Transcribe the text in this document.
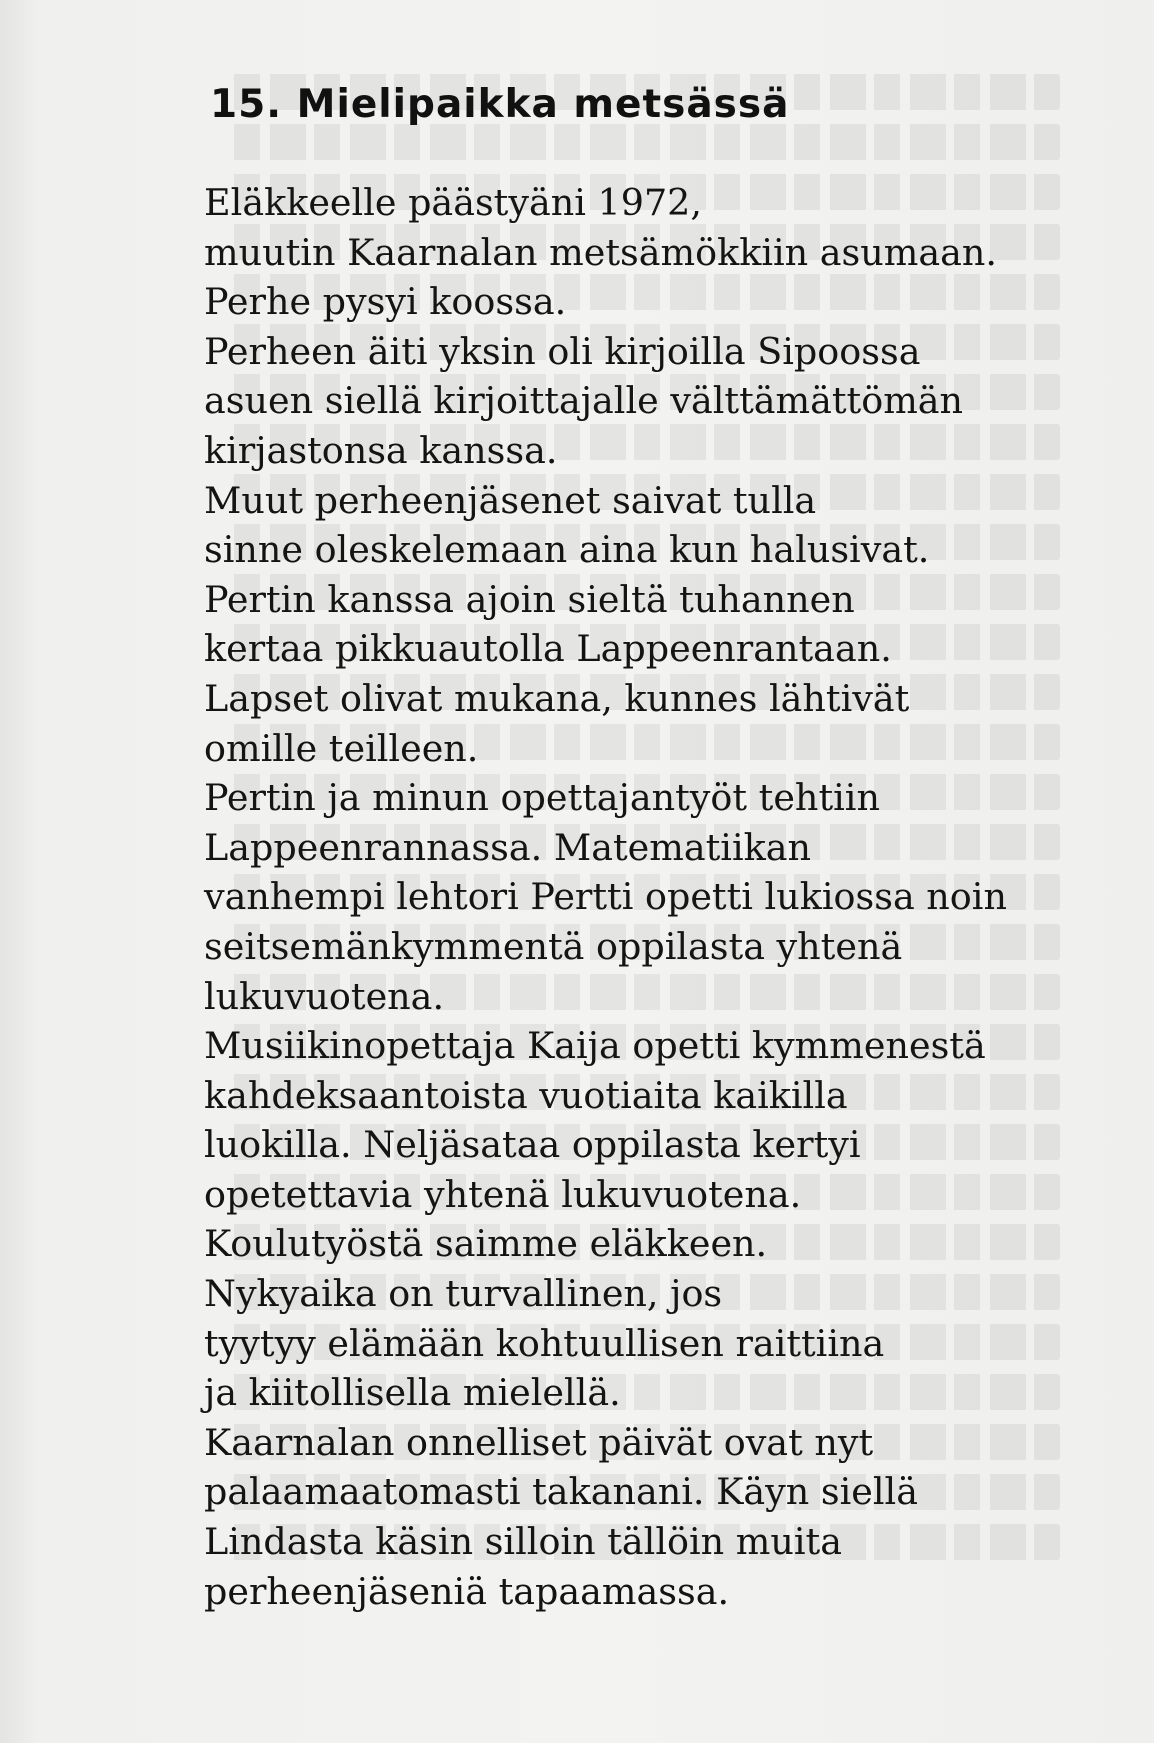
15. Mielipaikka metsässä
Eläkkeelle päästyäni 1972,
muutin Kaarnalan metsämökkiin asumaan.
Perhe pysyi koossa.
Perheen äiti yksin oli kirjoilla Sipoossa
asuen siellä kirjoittajalle välttämättömän
kirjastonsa kanssa.
Muut perheenjäsenet saivat tulla
sinne oleskelemaan aina kun halusivat.
Pertin kanssa ajoin sieltä tuhannen
kertaa pikkuautolla Lappeenrantaan.
Lapset olivat mukana, kunnes lähtivät
omille teilleen.
Pertin ja minun opettajantyöt tehtiin
Lappeenrannassa. Matematiikan
vanhempi lehtori Pertti opetti lukiossa noin
seitsemänkymmentä oppilasta yhtenä
lukuvuotena.
Musiikinopettaja Kaija opetti kymmenestä
kahdeksaantoista vuotiaita kaikilla
luokilla. Neljäsataa oppilasta kertyi
opetettavia yhtenä lukuvuotena.
Koulutyöstä saimme eläkkeen.
Nykyaika on turvallinen, jos
tyytyy elämään kohtuullisen raittiina
ja kiitollisella mielellä.
Kaarnalan onnelliset päivät ovat nyt
palaamaatomasti takanani. Käyn siellä
Lindasta käsin silloin tällöin muita
perheenjäseniä tapaamassa.
